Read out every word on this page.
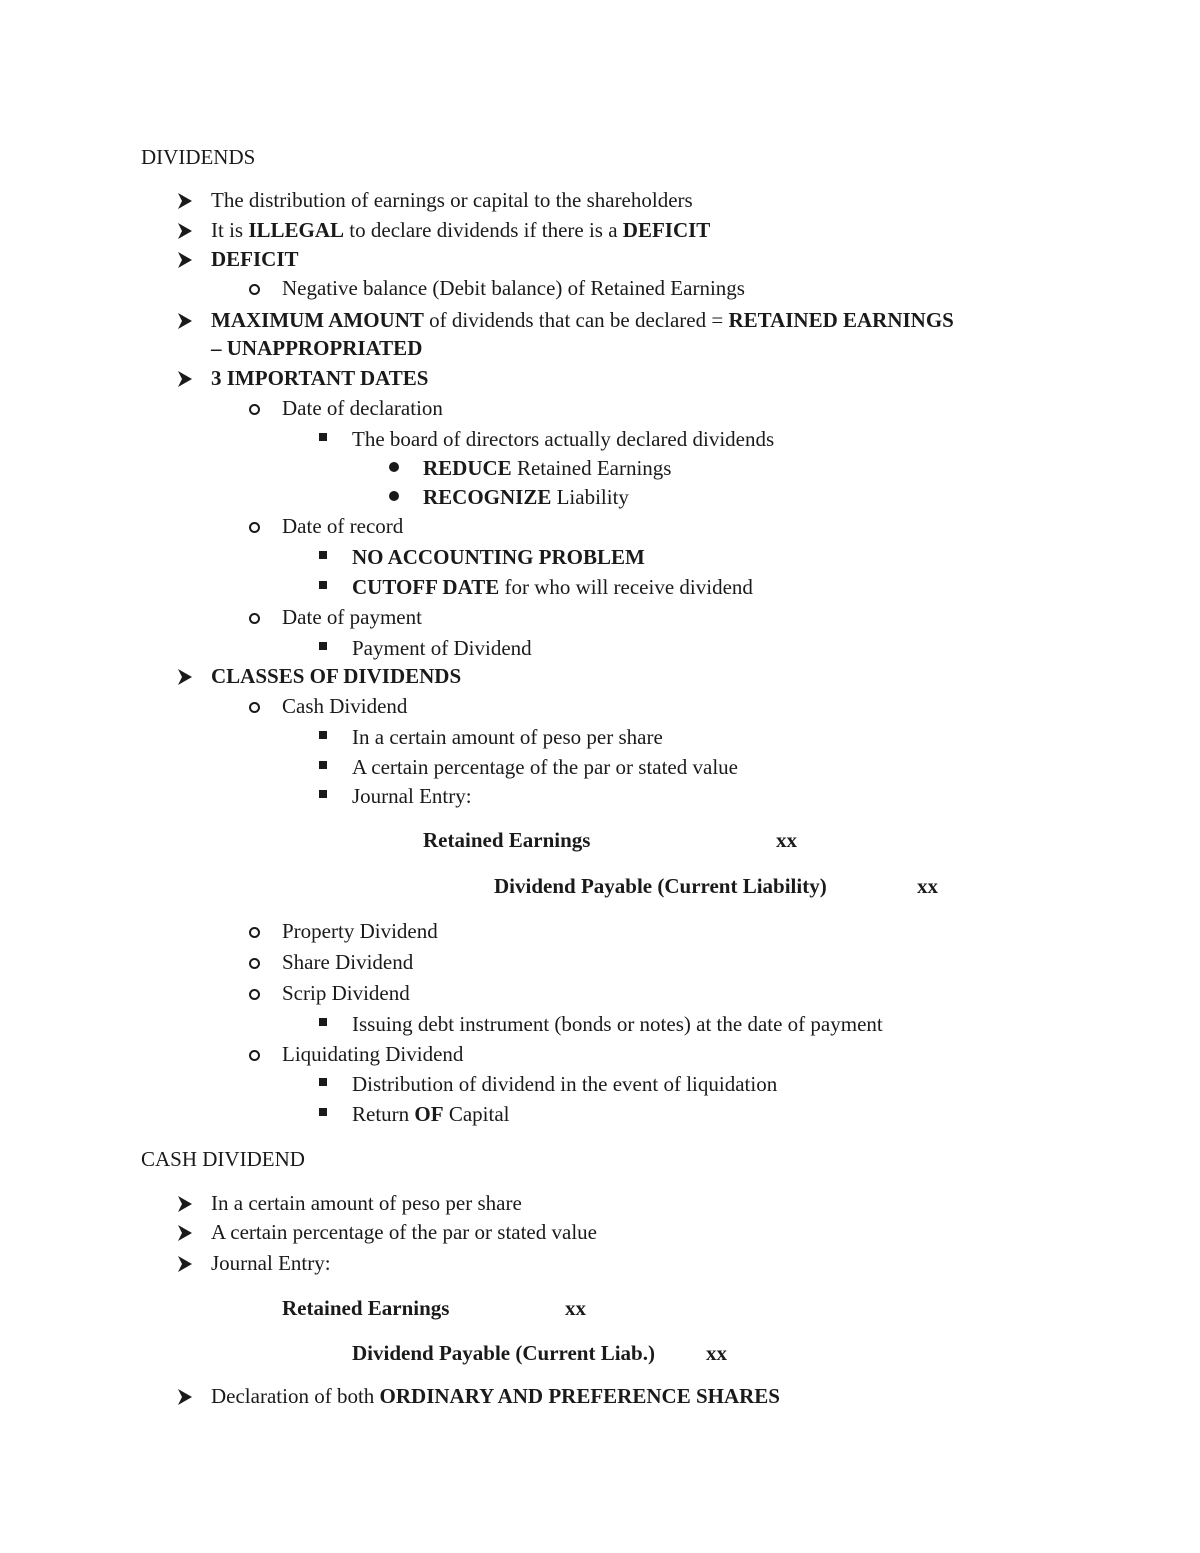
DIVIDENDS
The distribution of earnings or capital to the shareholders
It is ILLEGAL to declare dividends if there is a DEFICIT
DEFICIT
Negative balance (Debit balance) of Retained Earnings
MAXIMUM AMOUNT of dividends that can be declared = RETAINED EARNINGS
– UNAPPROPRIATED
3 IMPORTANT DATES
Date of declaration
The board of directors actually declared dividends
REDUCE Retained Earnings
RECOGNIZE Liability
Date of record
NO ACCOUNTING PROBLEM
CUTOFF DATE for who will receive dividend
Date of payment
Payment of Dividend
CLASSES OF DIVIDENDS
Cash Dividend
In a certain amount of peso per share
A certain percentage of the par or stated value
Journal Entry:
Retained Earnings	xx
Dividend Payable (Current Liability)	xx
Property Dividend
Share Dividend
Scrip Dividend
Issuing debt instrument (bonds or notes) at the date of payment
Liquidating Dividend
Distribution of dividend in the event of liquidation
Return OF Capital
CASH DIVIDEND
In a certain amount of peso per share
A certain percentage of the par or stated value
Journal Entry:
Retained Earnings	xx
Dividend Payable (Current Liab.) xx
Declaration of both ORDINARY AND PREFERENCE SHARES
